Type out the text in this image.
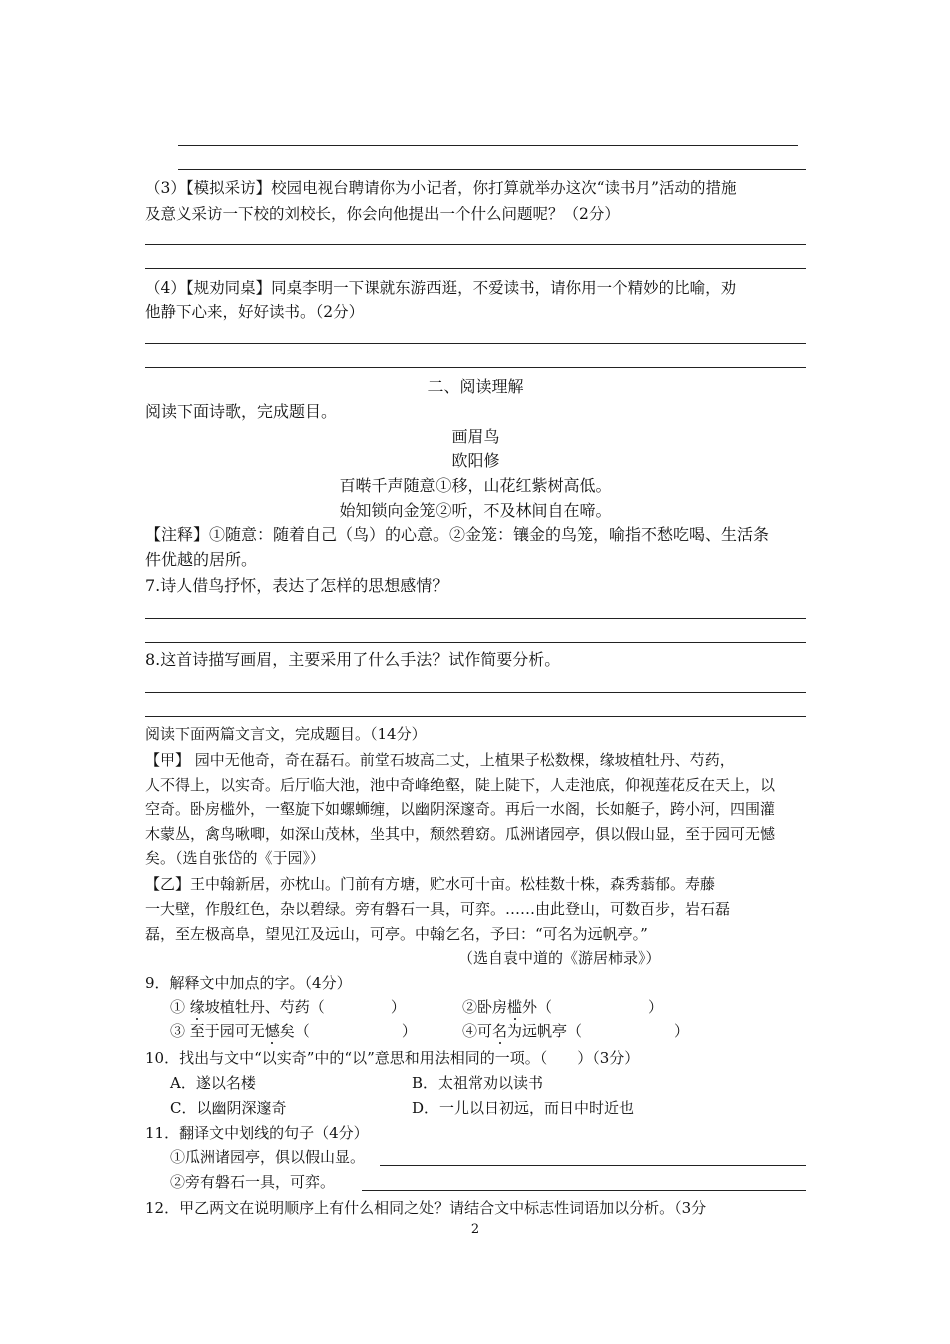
（3）【模拟采访】校园电视台聘请你为小记者，你打算就举办这次“读书月”活动的措施
及意义采访一下校的刘校长，你会向他提出一个什么问题呢？（2分）
（4）【规劝同桌】同桌李明一下课就东游西逛，不爱读书，请你用一个精妙的比喻，劝
他静下心来，好好读书。（2分）
二、阅读理解
阅读下面诗歌，完成题目。
画眉鸟
欧阳修
百啭千声随意①移，山花红紫树高低。
始知锁向金笼②听，不及林间自在啼。
【注释】①随意：随着自己（鸟）的心意。②金笼：镶金的鸟笼，喻指不愁吃喝、生活条
件优越的居所。
7.诗人借鸟抒怀，表达了怎样的思想感情？
8.这首诗描写画眉，主要采用了什么手法？试作简要分析。
阅读下面两篇文言文，完成题目。（14分）
【甲】 园中无他奇，奇在磊石。前堂石坡高二丈，上植果子松数棵，缘坡植牡丹、芍药，
人不得上，以实奇。后厅临大池，池中奇峰绝壑，陡上陡下，人走池底，仰视莲花反在天上，以
空奇。卧房槛外，一壑旋下如螺蛳缠，以幽阴深邃奇。再后一水阁，长如艇子，跨小河，四围灌
木蒙丛，禽鸟啾唧，如深山茂林，坐其中，颓然碧窈。瓜洲诸园亭，俱以假山显，至于园可无憾
矣。（选自张岱的《于园》）
【乙】王中翰新居，亦枕山。门前有方塘，贮水可十亩。松桂数十株，森秀蓊郁。寿藤
一大壁，作殷红色，杂以碧绿。旁有磐石一具，可弈。……由此登山，可数百步，岩石磊
磊，至左极高阜，望见江及远山，可亭。中翰乞名，予曰：“可名为远帆亭。”
（选自袁中道的《游居柿录》）
9．解释文中加点的字。（4分）
① 缘坡植牡丹、芍药（	）	②卧房槛外（	）
③ 至于园可无憾矣（	）	④可名为远帆亭（	）
10．找出与文中“以实奇”中的“以”意思和用法相同的一项。（　　）（3分）
A．遂以名楼	B．太祖常劝以读书
C．以幽阴深邃奇	D．一儿以日初远，而日中时近也
11．翻译文中划线的句子（4分）
①瓜洲诸园亭，俱以假山显。
②旁有磐石一具，可弈。
12．甲乙两文在说明顺序上有什么相同之处？请结合文中标志性词语加以分析。（3分
2
